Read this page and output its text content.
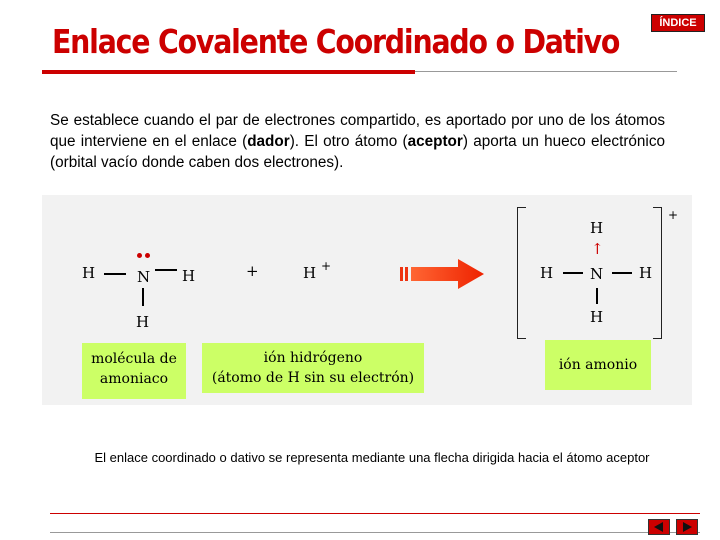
Enlace Covalente Coordinado o Dativo	ÍNDICE
Se establece cuando el par de electrones compartido, es aportado por uno de los átomos que interviene en el enlace (dador). El otro átomo (aceptor) aporta un hueco electrónico (orbital vacío donde caben dos electrones).
H	N H
H
+	H +
+
H
↑
H N H
H
molécula de
amoniaco
ión hidrógeno
(átomo de H sin su electrón)
ión amonio
El enlace coordinado o dativo se representa mediante una flecha dirigida hacia el átomo aceptor
